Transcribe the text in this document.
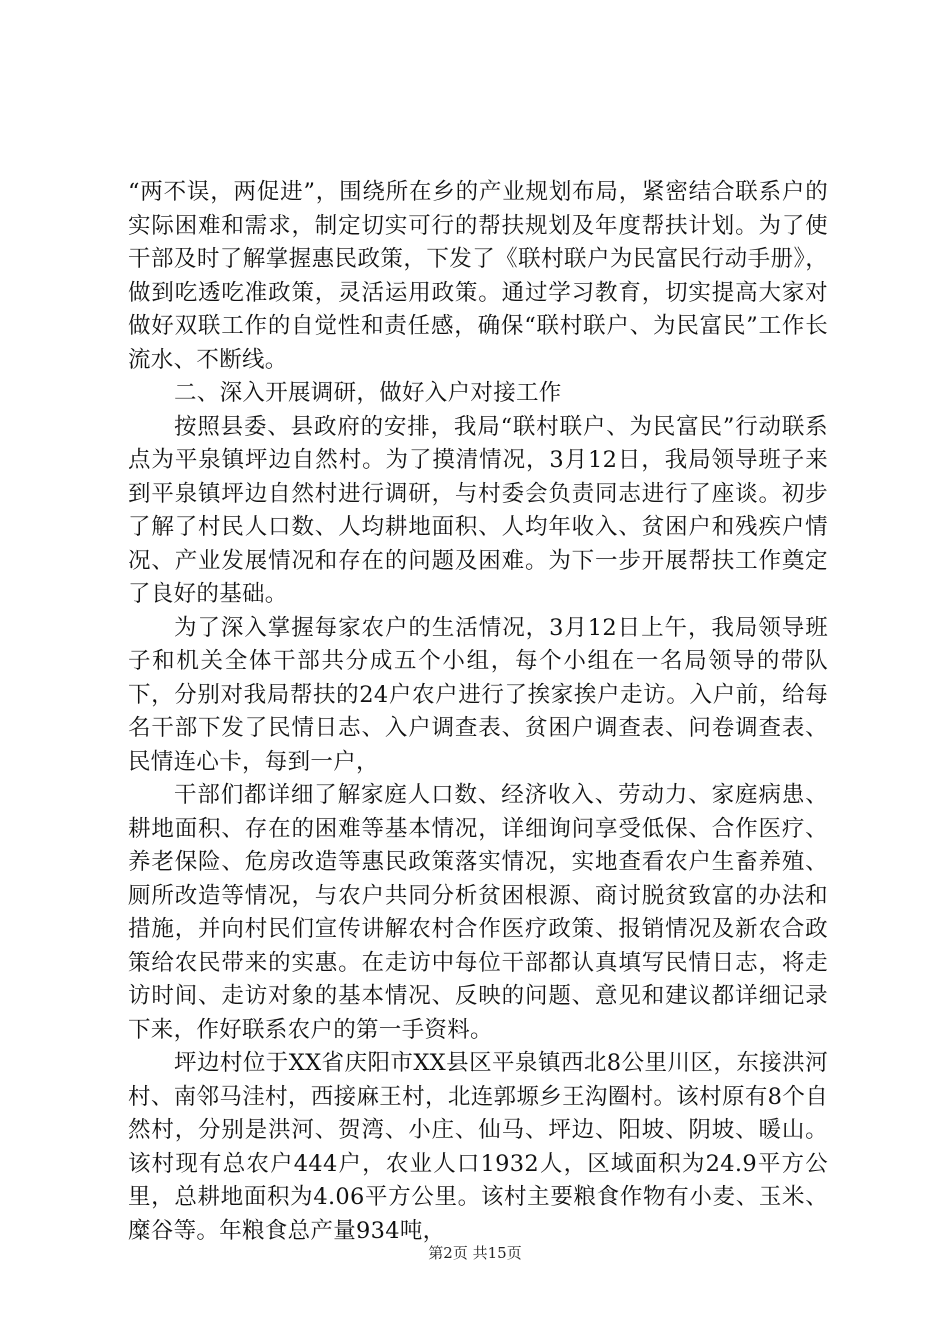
“两不误，两促进”，围绕所在乡的产业规划布局，紧密结合联系户的实际困难和需求，制定切实可行的帮扶规划及年度帮扶计划。为了使干部及时了解掌握惠民政策，下发了《联村联户为民富民行动手册》，做到吃透吃准政策，灵活运用政策。通过学习教育，切实提高大家对做好双联工作的自觉性和责任感，确保“联村联户、为民富民”工作长流水、不断线。

二、深入开展调研，做好入户对接工作

按照县委、县政府的安排，我局“联村联户、为民富民”行动联系点为平泉镇坪边自然村。为了摸清情况，3月12日，我局领导班子来到平泉镇坪边自然村进行调研，与村委会负责同志进行了座谈。初步了解了村民人口数、人均耕地面积、人均年收入、贫困户和残疾户情况、产业发展情况和存在的问题及困难。为下一步开展帮扶工作奠定了良好的基础。

为了深入掌握每家农户的生活情况，3月12日上午，我局领导班子和机关全体干部共分成五个小组，每个小组在一名局领导的带队下，分别对我局帮扶的24户农户进行了挨家挨户走访。入户前，给每名干部下发了民情日志、入户调查表、贫困户调查表、问卷调查表、民情连心卡，每到一户，

干部们都详细了解家庭人口数、经济收入、劳动力、家庭病患、耕地面积、存在的困难等基本情况，详细询问享受低保、合作医疗、养老保险、危房改造等惠民政策落实情况，实地查看农户生畜养殖、厕所改造等情况，与农户共同分析贫困根源、商讨脱贫致富的办法和措施，并向村民们宣传讲解农村合作医疗政策、报销情况及新农合政策给农民带来的实惠。在走访中每位干部都认真填写民情日志，将走访时间、走访对象的基本情况、反映的问题、意见和建议都详细记录下来，作好联系农户的第一手资料。

坪边村位于XX省庆阳市XX县区平泉镇西北8公里川区，东接洪河村、南邻马洼村，西接麻王村，北连郭塬乡王沟圈村。该村原有8个自然村，分别是洪河、贺湾、小庄、仙马、坪边、阳坡、阴坡、暖山。该村现有总农户444户，农业人口1932人，区域面积为24.9平方公里，总耕地面积为4.06平方公里。该村主要粮食作物有小麦、玉米、糜谷等。年粮食总产量934吨，

第2页 共15页
